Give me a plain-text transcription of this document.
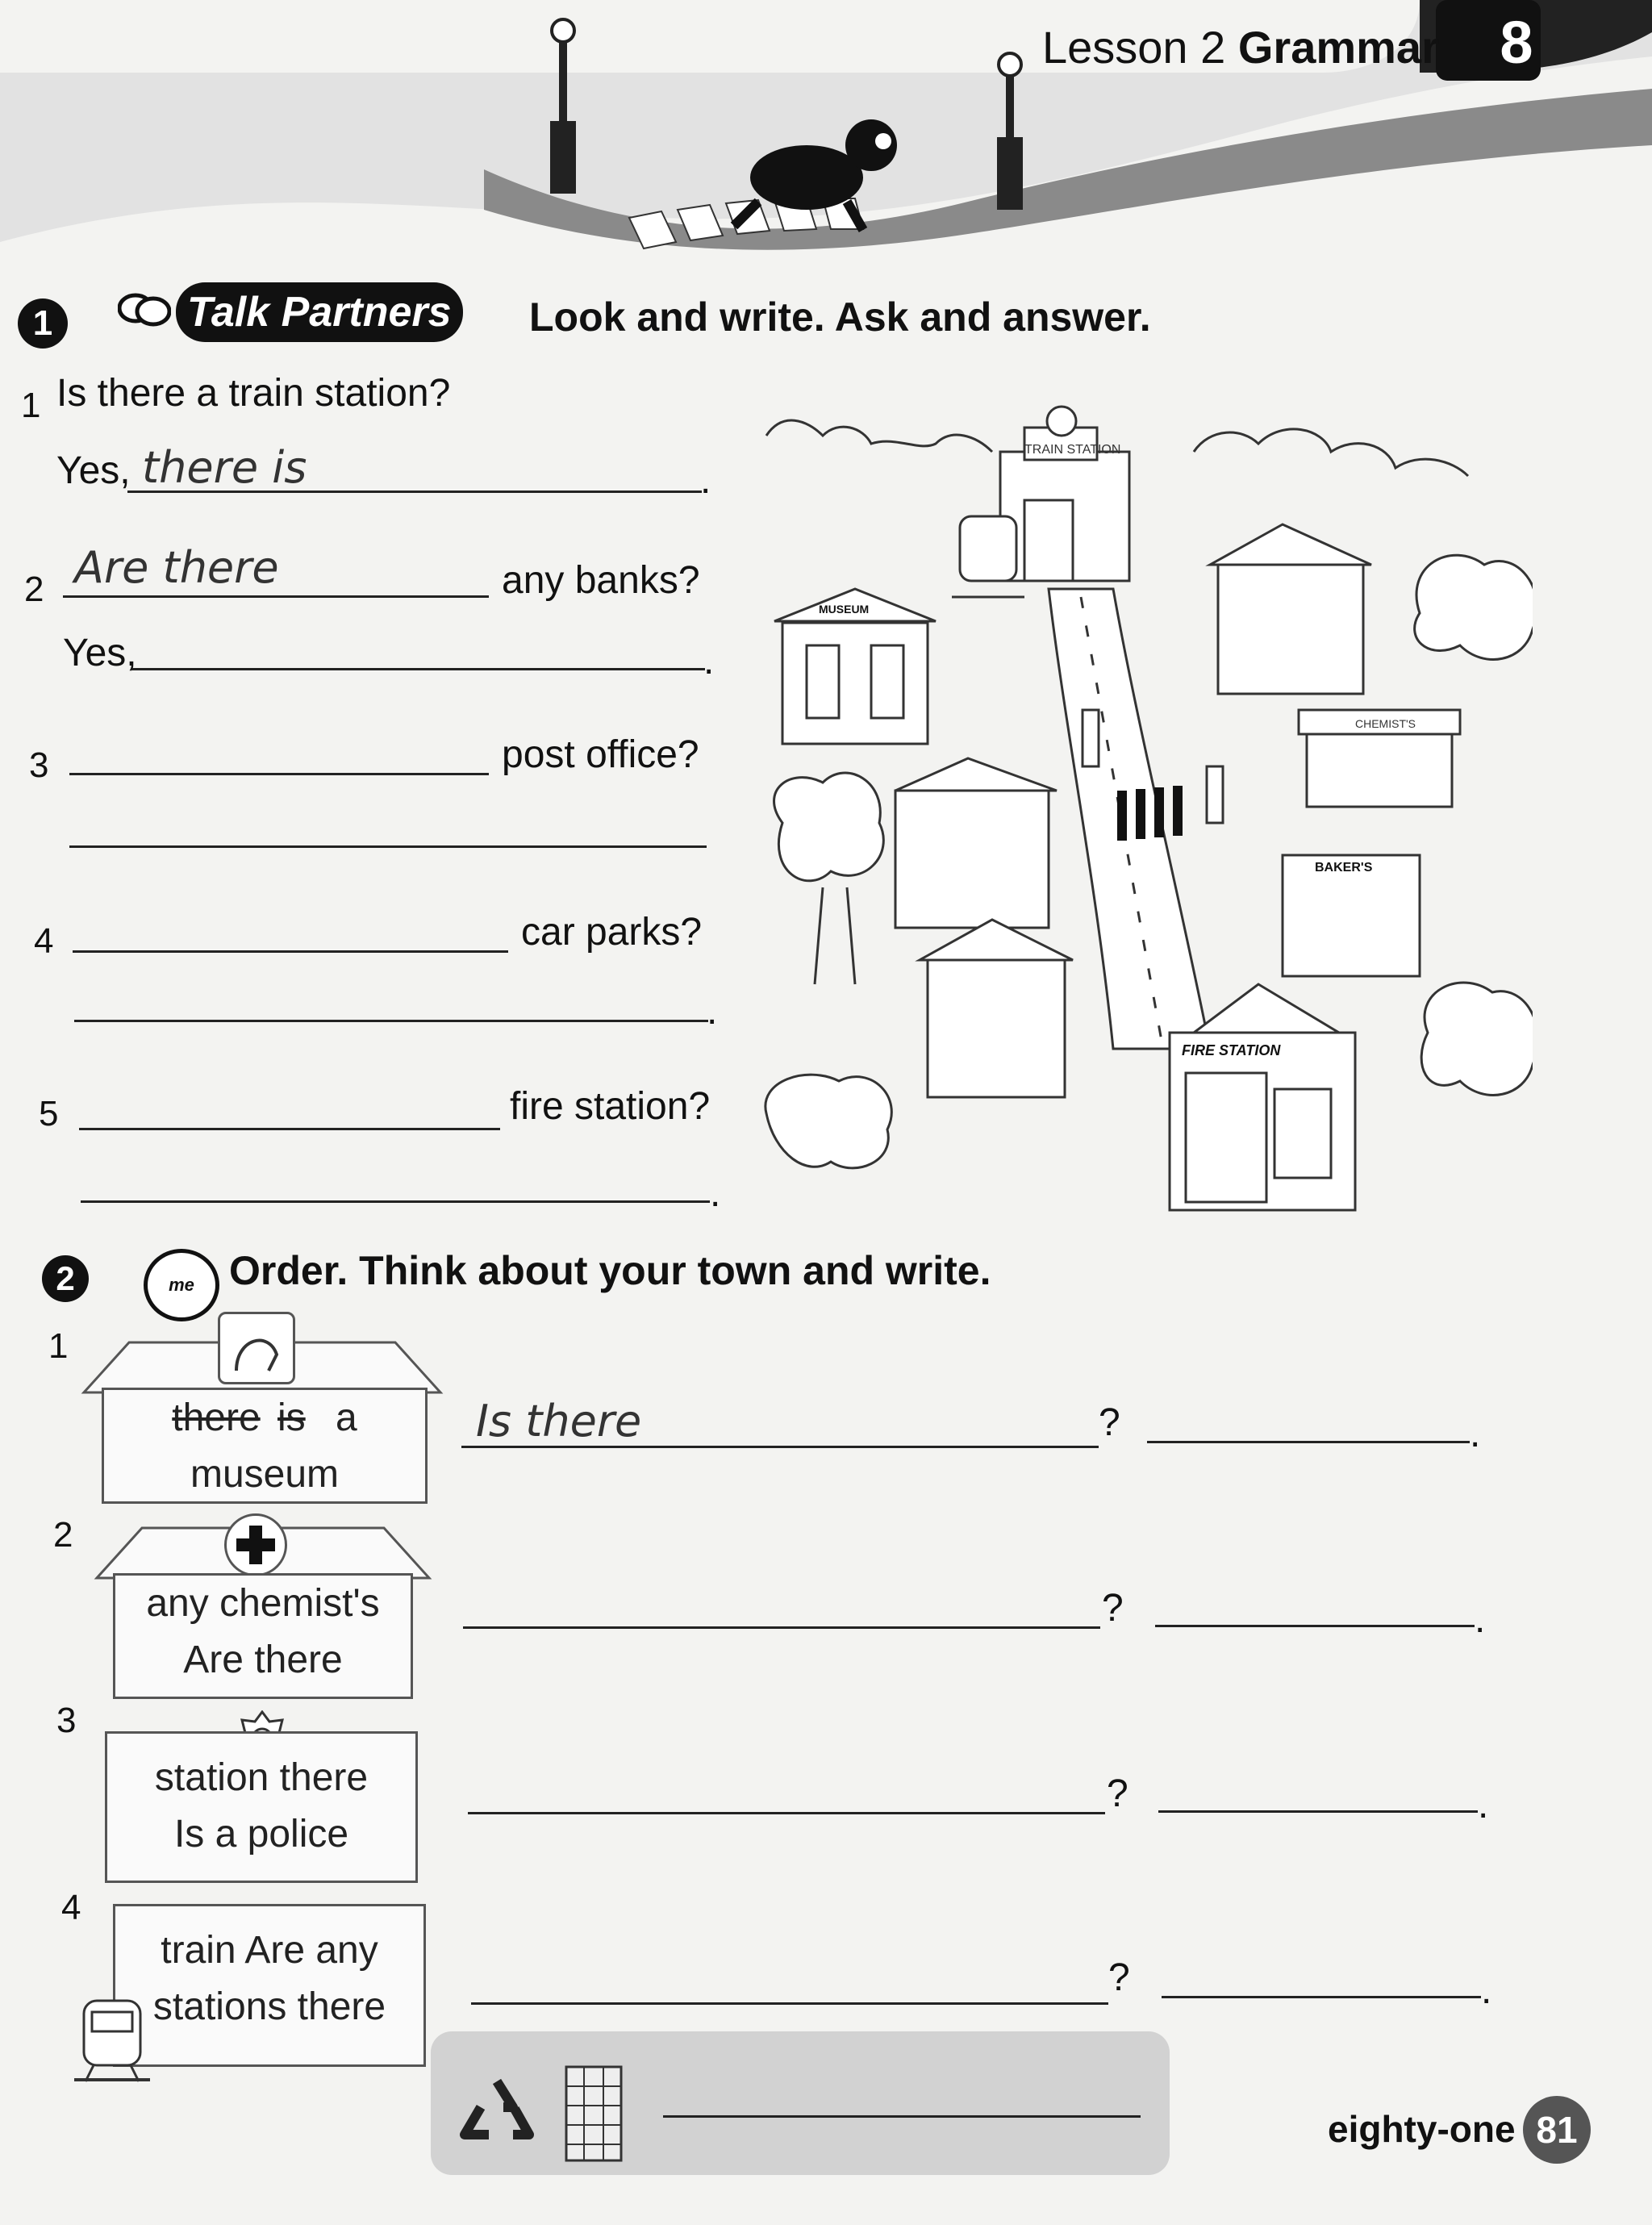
Lesson 2 Grammar 8
1	Talk Partners Look and write. Ask and answer.
1 Is there a train station?
Yes, there is	.
2 Are there	any banks?
Yes,	.
3	post office?
4	car parks?
.
5	fire station?
.
TRAIN STATION
MUSEUM
CHEMIST'S
BAKER'S
FIRE STATION
2	me Order. Think about your town and write.
1
there is a
museum
Is there	?	.
2
any chemist's
Are there
?	.
3
station there
Is a police
?	.
4
train Are any
stations there
?	.
eighty-one 81
